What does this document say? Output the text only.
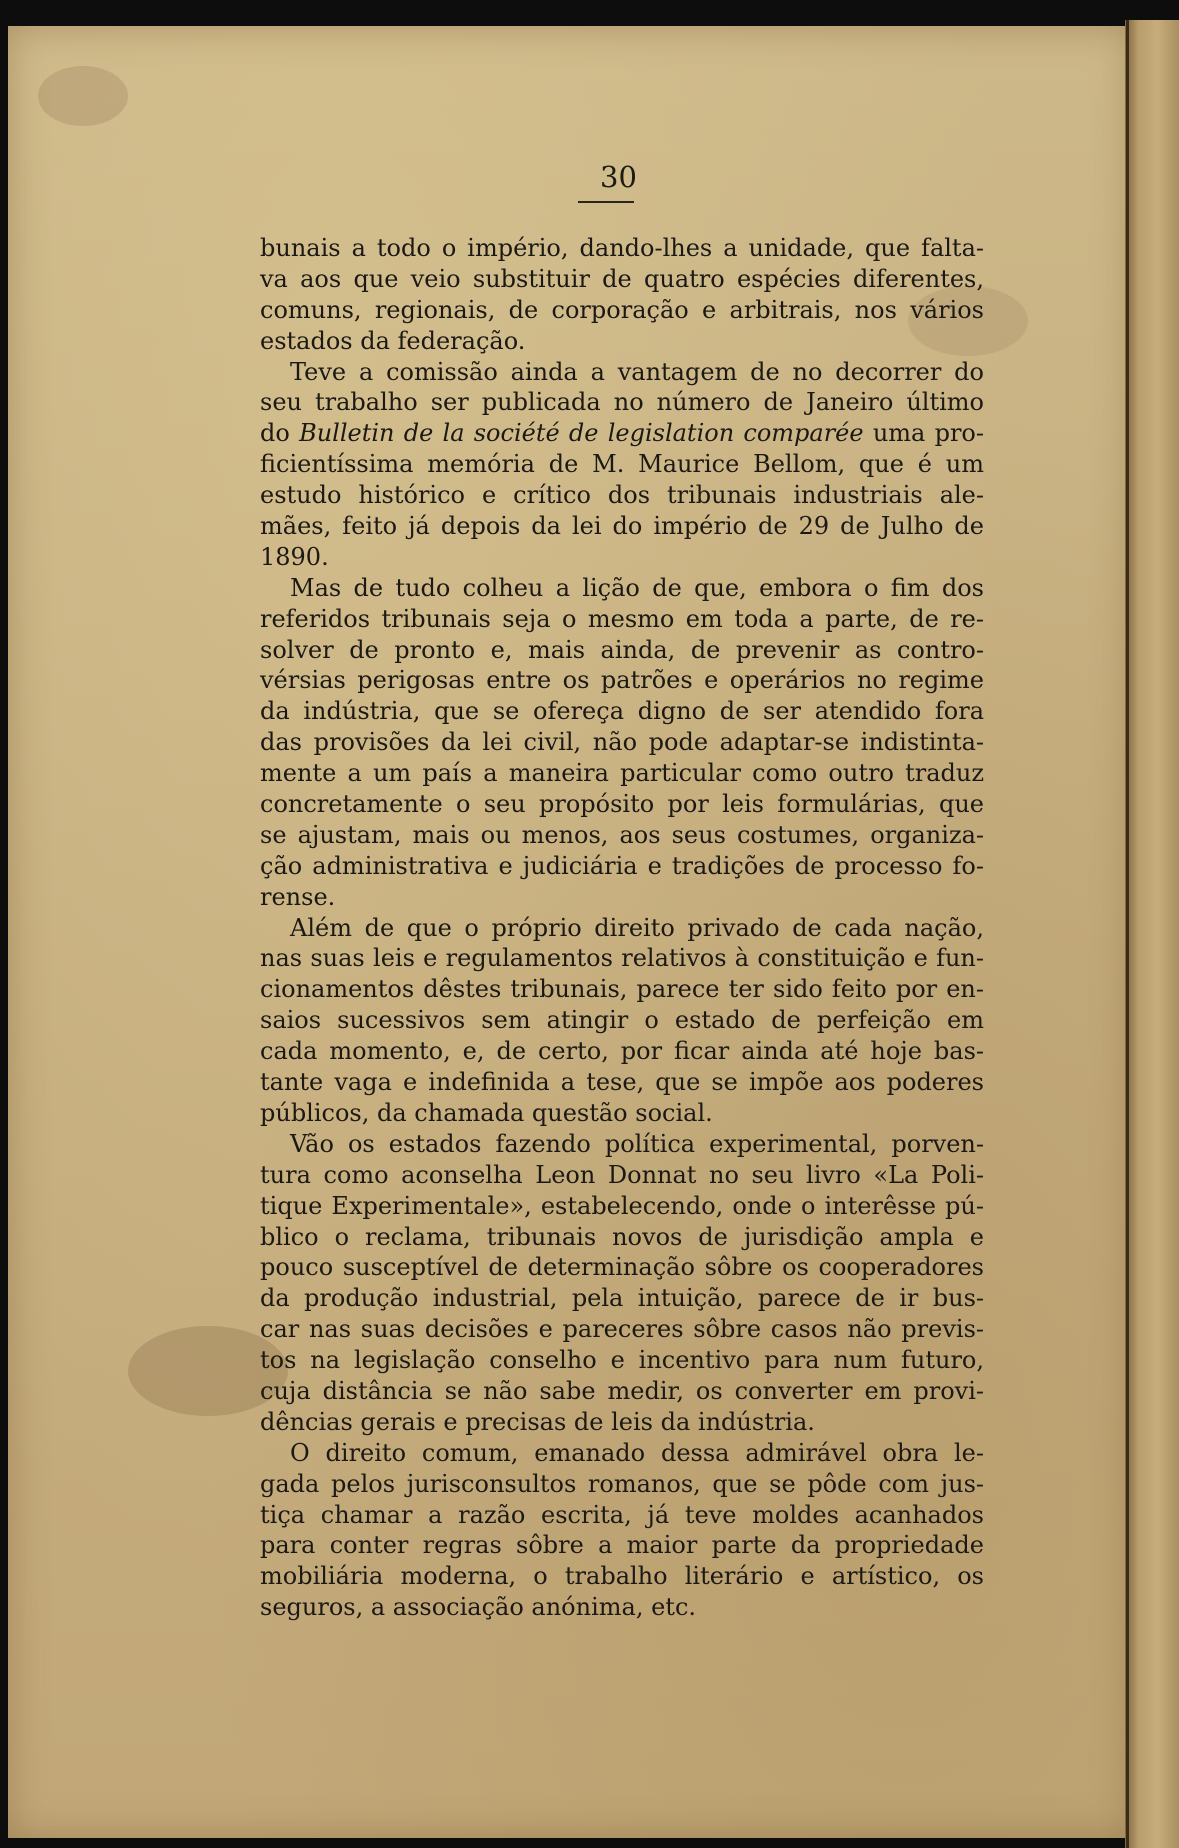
30
bunais a todo o império, dando-lhes a unidade, que falta-
va aos que veio substituir de quatro espécies diferentes,
comuns, regionais, de corporação e arbitrais, nos vários
estados da federação.
Teve a comissão ainda a vantagem de no decorrer do
seu trabalho ser publicada no número de Janeiro último
do Bulletin de la société de legislation comparée uma pro-
ficientíssima memória de M. Maurice Bellom, que é um
estudo histórico e crítico dos tribunais industriais ale-
mães, feito já depois da lei do império de 29 de Julho de
1890.
Mas de tudo colheu a lição de que, embora o fim dos
referidos tribunais seja o mesmo em toda a parte, de re-
solver de pronto e, mais ainda, de prevenir as contro-
vérsias perigosas entre os patrões e operários no regime
da indústria, que se ofereça digno de ser atendido fora
das provisões da lei civil, não pode adaptar-se indistinta-
mente a um país a maneira particular como outro traduz
concretamente o seu propósito por leis formulárias, que
se ajustam, mais ou menos, aos seus costumes, organiza-
ção administrativa e judiciária e tradições de processo fo-
rense.
Além de que o próprio direito privado de cada nação,
nas suas leis e regulamentos relativos à constituição e fun-
cionamentos dêstes tribunais, parece ter sido feito por en-
saios sucessivos sem atingir o estado de perfeição em
cada momento, e, de certo, por ficar ainda até hoje bas-
tante vaga e indefinida a tese, que se impõe aos poderes
públicos, da chamada questão social.
Vão os estados fazendo política experimental, porven-
tura como aconselha Leon Donnat no seu livro «La Poli-
tique Experimentale», estabelecendo, onde o interêsse pú-
blico o reclama, tribunais novos de jurisdição ampla e
pouco susceptível de determinação sôbre os cooperadores
da produção industrial, pela intuição, parece de ir bus-
car nas suas decisões e pareceres sôbre casos não previs-
tos na legislação conselho e incentivo para num futuro,
cuja distância se não sabe medir, os converter em provi-
dências gerais e precisas de leis da indústria.
O direito comum, emanado dessa admirável obra le-
gada pelos jurisconsultos romanos, que se pôde com jus-
tiça chamar a razão escrita, já teve moldes acanhados
para conter regras sôbre a maior parte da propriedade
mobiliária moderna, o trabalho literário e artístico, os
seguros, a associação anónima, etc.
